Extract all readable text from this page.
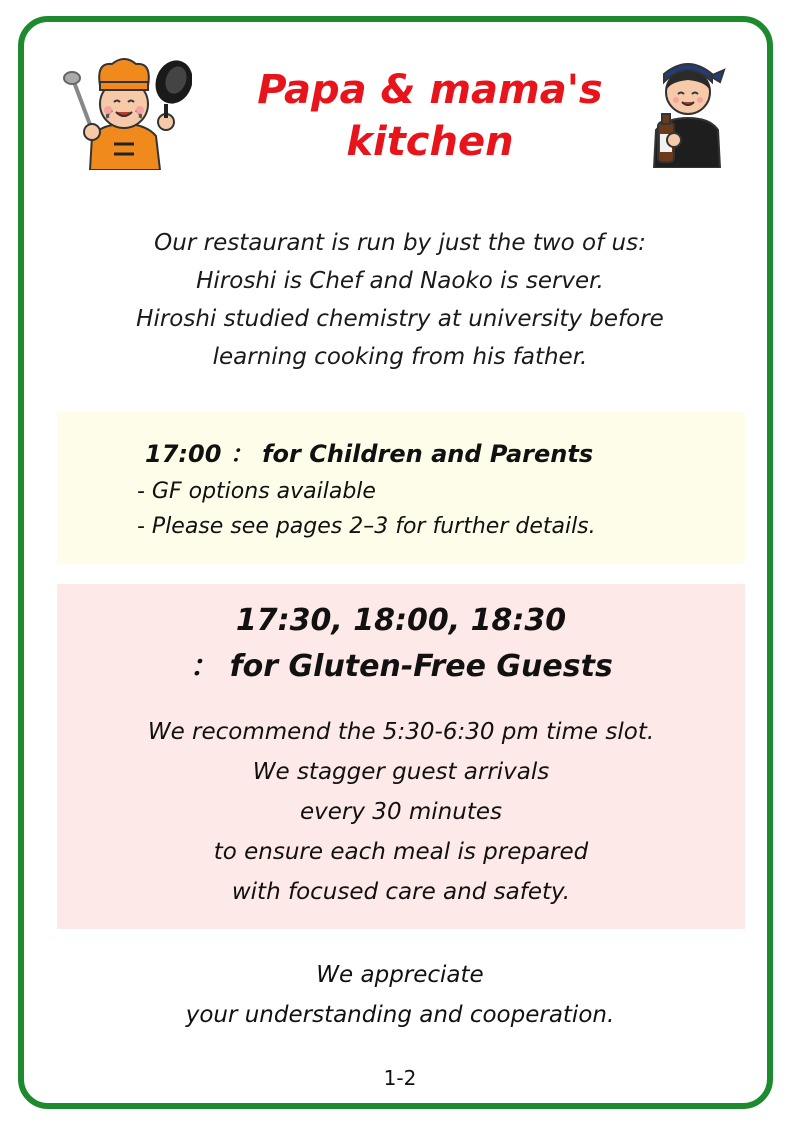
Papa & mama's
kitchen
Our restaurant is run by just the two of us:
Hiroshi is Chef and Naoko is server.
Hiroshi studied chemistry at university before
learning cooking from his father.
17:00 ： for Children and Parents
- GF options available
- Please see pages 2–3 for further details.
17:30, 18:00, 18:30
： for Gluten-Free Guests
We recommend the 5:30-6:30 pm time slot.
We stagger guest arrivals
every 30 minutes
to ensure each meal is prepared
with focused care and safety.
We appreciate
your understanding and cooperation.
1-2
